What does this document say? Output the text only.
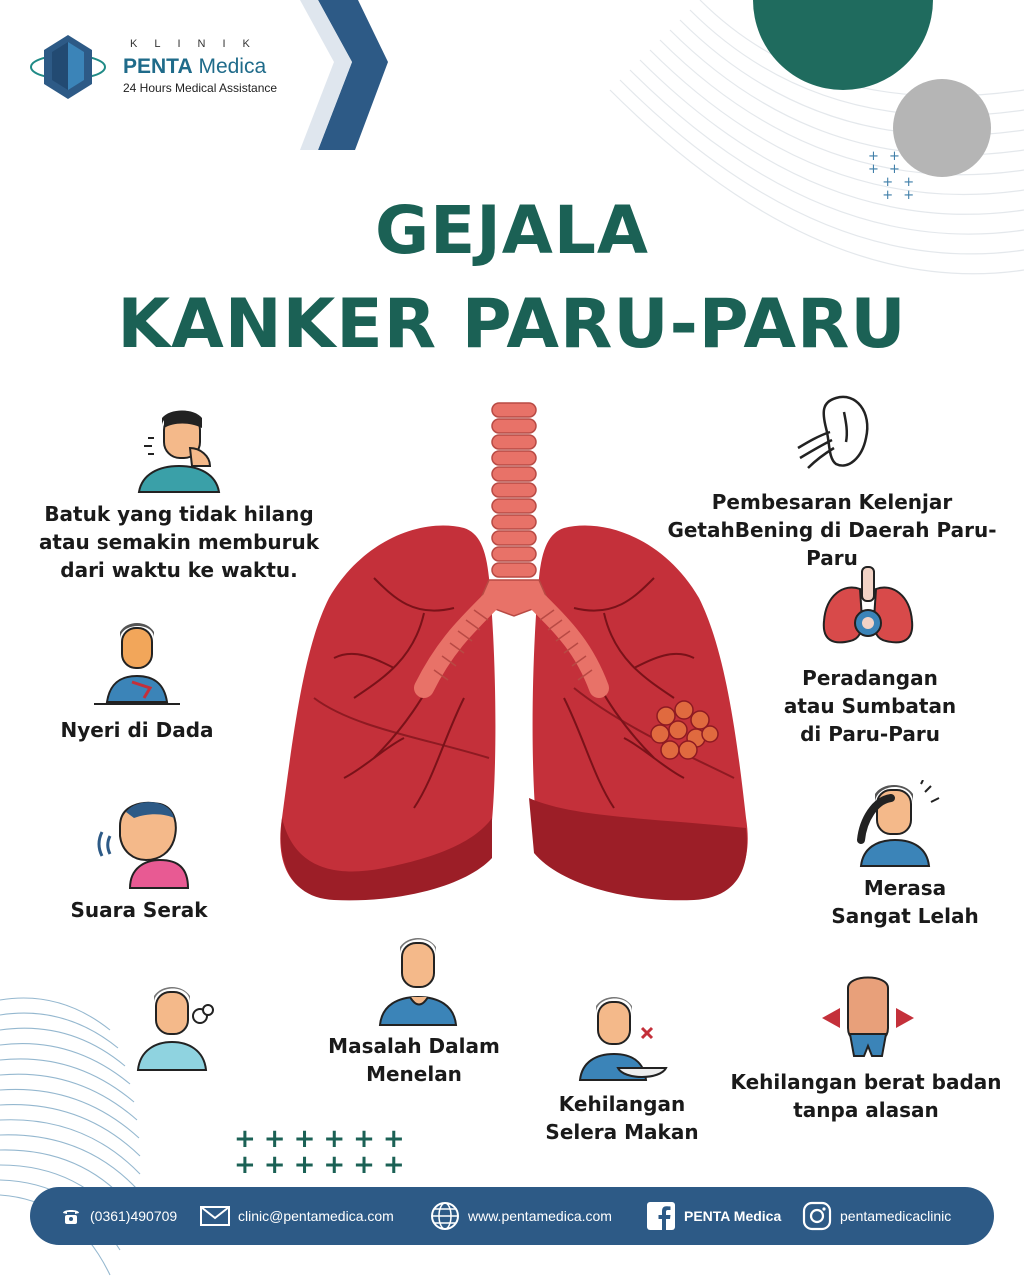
+ +
+ +
+ +
+ +
KLINIK
PENTA Medica
24 Hours Medical Assistance
GEJALA
KANKER PARU-PARU
Batuk yang tidak hilang
atau semakin memburuk
dari waktu ke waktu.
Nyeri di Dada
Suara Serak
Masalah Dalam
Menelan
Kehilangan
Selera Makan
Kehilangan berat badan
tanpa alasan
Merasa
Sangat Lelah
Peradangan
atau Sumbatan
di Paru-Paru
Pembesaran Kelenjar
GetahBening di Daerah Paru-Paru
++++++
++++++
(0361)490709	clinic@pentamedica.com	www.pentamedica.com	PENTA Medica	pentamedicaclinic
